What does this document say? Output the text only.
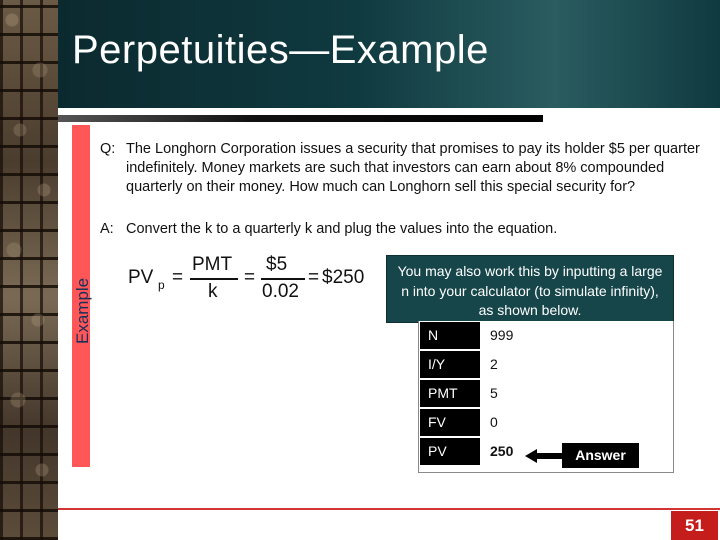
Perpetuities—Example
Example
Q: The Longhorn Corporation issues a security that promises to pay its holder $5 per quarter indefinitely. Money markets are such that investors can earn about 8% compounded quarterly on their money. How much can Longhorn sell this special security for?
A: Convert the k to a quarterly k and plug the values into the equation.
PV p =
PMT
k
=
$5
0.02
= $250 You may also work this by inputting a large n into your calculator (to simulate infinity), as shown below.
N	999
I/Y	2
PMT	5
FV	0
PV	250	Answer
51
